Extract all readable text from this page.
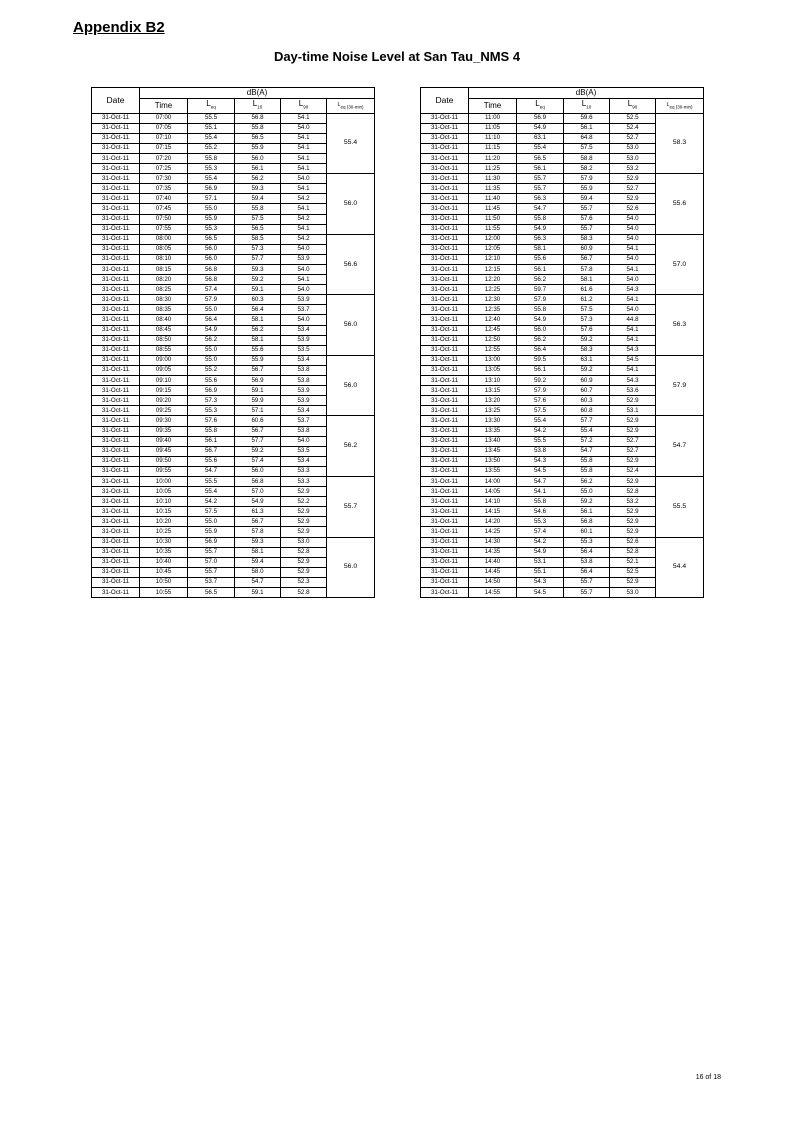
Appendix B2
Day-time Noise Level at San Tau_NMS 4
Date	dB(A)				
	Time	$L_{eq}$	$L_{10}$	$L_{90}$	$L_{eq (30-min)}$
31-Oct-11	07:00	55.5	56.8	54.1	55.4
31-Oct-11	07:05	55.1	55.8	54.0	
31-Oct-11	07:10	55.4	56.5	54.1	
31-Oct-11	07:15	55.2	55.9	54.1	
31-Oct-11	07:20	55.8	56.0	54.1	
31-Oct-11	07:25	55.3	56.1	54.1	
31-Oct-11	07:30	55.4	56.2	54.0	56.0
31-Oct-11	07:35	56.9	59.3	54.1	
31-Oct-11	07:40	57.1	59.4	54.2	
31-Oct-11	07:45	55.0	55.8	54.1	
31-Oct-11	07:50	55.9	57.5	54.2	
31-Oct-11	07:55	55.3	56.5	54.1	
31-Oct-11	08:00	56.5	58.5	54.2	56.6
31-Oct-11	08:05	56.0	57.3	54.0	
31-Oct-11	08:10	56.0	57.7	53.9	
31-Oct-11	08:15	56.8	59.3	54.0	
31-Oct-11	08:20	56.8	59.2	54.1	
31-Oct-11	08:25	57.4	59.1	54.0	
31-Oct-11	08:30	57.9	60.3	53.9	56.0
31-Oct-11	08:35	55.0	56.4	53.7	
31-Oct-11	08:40	56.4	58.1	54.0	
31-Oct-11	08:45	54.9	56.2	53.4	
31-Oct-11	08:50	56.2	58.1	53.9	
31-Oct-11	08:55	55.0	55.6	53.5	
31-Oct-11	09:00	55.0	55.9	53.4	56.0
31-Oct-11	09:05	55.2	56.7	53.8	
31-Oct-11	09:10	55.6	56.9	53.8	
31-Oct-11	09:15	56.9	59.1	53.9	
31-Oct-11	09:20	57.3	59.9	53.9	
31-Oct-11	09:25	55.3	57.1	53.4	
31-Oct-11	09:30	57.6	60.6	53.7	56.2
31-Oct-11	09:35	55.8	56.7	53.8	
31-Oct-11	09:40	56.1	57.7	54.0	
31-Oct-11	09:45	56.7	59.2	53.5	
31-Oct-11	09:50	55.6	57.4	53.4	
31-Oct-11	09:55	54.7	56.0	53.3	
31-Oct-11	10:00	55.5	56.8	53.3	55.7
31-Oct-11	10:05	55.4	57.0	52.9	
31-Oct-11	10:10	54.2	54.9	52.2	
31-Oct-11	10:15	57.5	61.3	52.9	
31-Oct-11	10:20	55.0	56.7	52.9	
31-Oct-11	10:25	55.9	57.8	52.9	
31-Oct-11	10:30	56.9	59.3	53.0	56.0
31-Oct-11	10:35	55.7	58.1	52.8	
31-Oct-11	10:40	57.0	59.4	52.9	
31-Oct-11	10:45	55.7	58.0	52.9	
31-Oct-11	10:50	53.7	54.7	52.3	
31-Oct-11	10:55	56.5	59.1	52.8	
Date	dB(A)				
	Time	$L_{eq}$	$L_{10}$	$L_{90}$	$L_{eq (30-min)}$
31-Oct-11	11:00	56.9	59.6	52.5	58.3
31-Oct-11	11:05	54.9	56.1	52.4	
31-Oct-11	11:10	63.1	64.8	52.7	
31-Oct-11	11:15	55.4	57.5	53.0	
31-Oct-11	11:20	56.5	58.8	53.0	
31-Oct-11	11:25	56.1	58.2	53.2	
31-Oct-11	11:30	55.7	57.9	52.9	55.6
31-Oct-11	11:35	55.7	55.9	52.7	
31-Oct-11	11:40	56.3	59.4	52.9	
31-Oct-11	11:45	54.7	55.7	52.6	
31-Oct-11	11:50	55.8	57.6	54.0	
31-Oct-11	11:55	54.9	55.7	54.0	
31-Oct-11	12:00	56.3	58.3	54.0	57.0
31-Oct-11	12:05	58.1	60.9	54.1	
31-Oct-11	12:10	55.6	56.7	54.0	
31-Oct-11	12:15	56.1	57.8	54.1	
31-Oct-11	12:20	56.2	58.1	54.0	
31-Oct-11	12:25	59.7	61.6	54.3	
31-Oct-11	12:30	57.9	61.2	54.1	56.3
31-Oct-11	12:35	55.8	57.5	54.0	
31-Oct-11	12:40	54.9	57.3	44.8	
31-Oct-11	12:45	56.0	57.6	54.1	
31-Oct-11	12:50	56.2	59.2	54.1	
31-Oct-11	12:55	56.4	58.3	54.3	
31-Oct-11	13:00	59.5	63.1	54.5	57.9
31-Oct-11	13:05	56.1	59.2	54.1	
31-Oct-11	13:10	59.2	60.9	54.3	
31-Oct-11	13:15	57.9	60.7	53.6	
31-Oct-11	13:20	57.6	60.3	52.9	
31-Oct-11	13:25	57.5	60.8	53.1	
31-Oct-11	13:30	55.4	57.7	52.9	54.7
31-Oct-11	13:35	54.2	55.4	52.9	
31-Oct-11	13:40	55.5	57.2	52.7	
31-Oct-11	13:45	53.8	54.7	52.7	
31-Oct-11	13:50	54.3	55.8	52.9	
31-Oct-11	13:55	54.5	55.8	52.4	
31-Oct-11	14:00	54.7	56.2	52.9	55.5
31-Oct-11	14:05	54.1	55.0	52.8	
31-Oct-11	14:10	55.8	59.2	53.2	
31-Oct-11	14:15	54.6	56.1	52.9	
31-Oct-11	14:20	55.3	56.8	52.9	
31-Oct-11	14:25	57.4	60.1	52.9	
31-Oct-11	14:30	54.2	55.3	52.6	54.4
31-Oct-11	14:35	54.9	56.4	52.8	
31-Oct-11	14:40	53.1	53.8	52.1	
31-Oct-11	14:45	55.1	56.4	52.5	
31-Oct-11	14:50	54.3	55.7	52.9	
31-Oct-11	14:55	54.5	55.7	53.0	
16 of 18
